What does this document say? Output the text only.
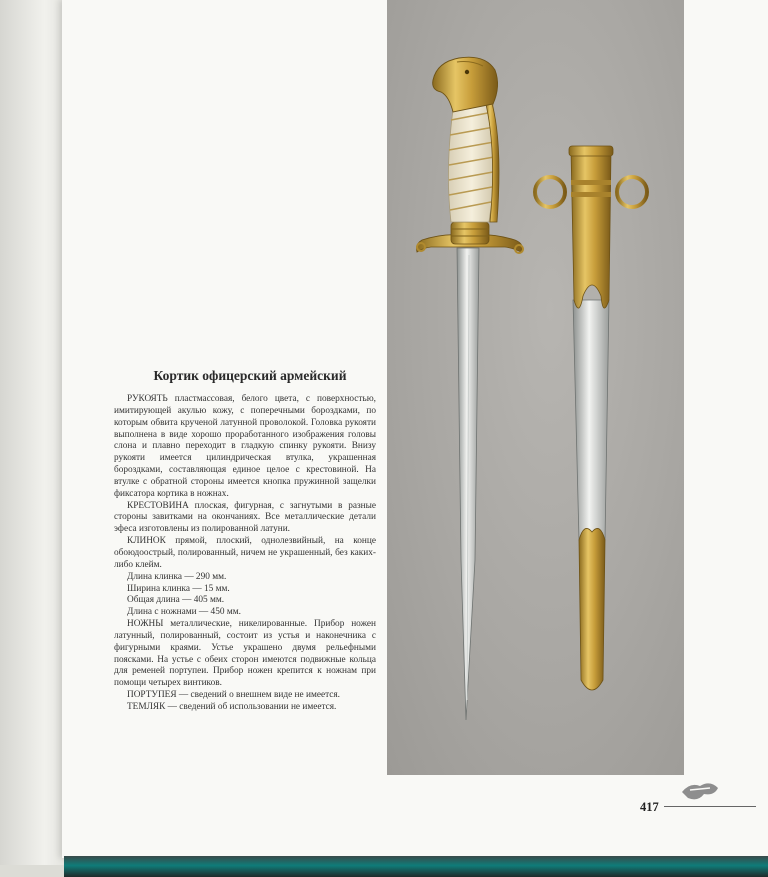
Кортик офицерский армейский

РУКОЯТЬ пластмассовая, белого цвета, с поверхностью, имитирующей акулью кожу, с поперечными бороздками, по которым обвита крученой латунной проволокой. Головка рукояти выполнена в виде хорошо проработанного изображения головы слона и плавно переходит в гладкую спинку рукояти. Внизу рукояти имеется цилиндрическая втулка, украшенная бороздками, составляющая единое целое с крестовиной. На втулке с обратной стороны имеется кнопка пружинной защелки фиксатора кортика в ножнах.

КРЕСТОВИНА плоская, фигурная, с загнутыми в разные стороны завитками на окончаниях. Все металлические детали эфеса изготовлены из полированной латуни.

КЛИНОК прямой, плоский, однолезвийный, на конце обоюдоострый, полированный, ничем не украшенный, без каких-либо клейм.

Длина клинка — 290 мм.

Ширина клинка — 15 мм.

Общая длина — 405 мм.

Длина с ножнами — 450 мм.

НОЖНЫ металлические, никелированные. Прибор ножен латунный, полированный, состоит из устья и наконечника с фигурными краями. Устье украшено двумя рельефными поясками. На устье с обеих сторон имеются подвижные кольца для ременей портупеи. Прибор ножен крепится к ножнам при помощи четырех винтиков.

ПОРТУПЕЯ — сведений о внешнем виде не имеется.

ТЕМЛЯК — сведений об использовании не имеется.

417
